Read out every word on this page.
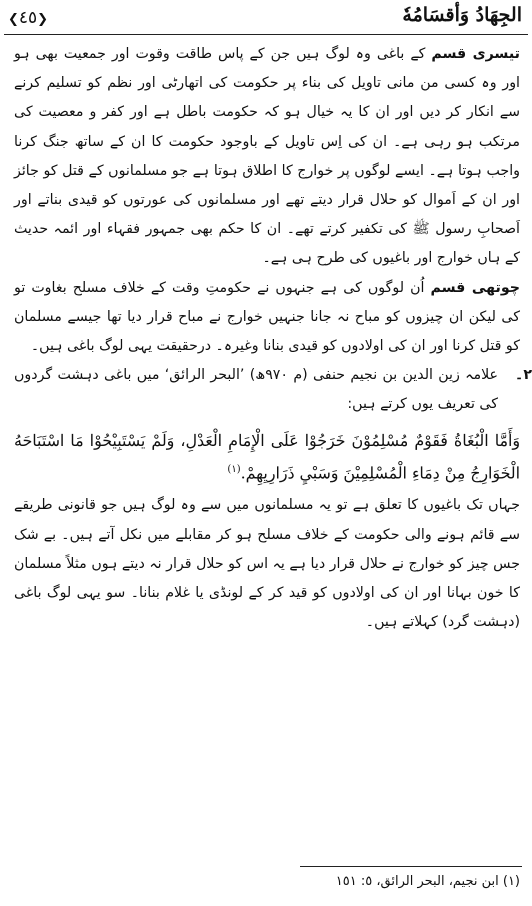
❮٤٥❯	الجِهَادُ وَأقسَامُهٗ

تیسری قسم کے باغی وہ لوگ ہیں جن کے پاس طاقت وقوت اور جمعیت بھی ہو اور وہ کسی من مانی تاویل کی بناء پر حکومت کی اتھارٹی اور نظم کو تسلیم کرنے سے انکار کر دیں اور ان کا یہ خیال ہو کہ حکومت باطل ہے اور کفر و معصیت کی مرتکب ہو رہی ہے۔ ان کی اِس تاویل کے باوجود حکومت کا ان کے ساتھ جنگ کرنا واجب ہوتا ہے۔ ایسے لوگوں پر خوارج کا اطلاق ہوتا ہے جو مسلمانوں کے قتل کو جائز اور ان کے اَموال کو حلال قرار دیتے تھے اور مسلمانوں کی عورتوں کو قیدی بناتے اور اَصحابِ رسول ﷺ کی تکفیر کرتے تھے۔ ان کا حکم بھی جمہور فقہاء اور ائمہ حدیث کے ہاں خوارج اور باغیوں کی طرح ہی ہے۔

چوتھی قسم اُن لوگوں کی ہے جنہوں نے حکومتِ وقت کے خلاف مسلح بغاوت تو کی لیکن ان چیزوں کو مباح نہ جانا جنہیں خوارج نے مباح قرار دیا تھا جیسے مسلمان کو قتل کرنا اور ان کی اولادوں کو قیدی بنانا وغیرہ۔ درحقیقت یہی لوگ باغی ہیں۔

٢۔
علامہ زین الدین بن نجیم حنفی (م ٩٧٠ھ) ’البحر الرائق‘ میں باغی دہشت گردوں کی تعریف یوں کرتے ہیں:

وَأَمَّا الْبُغَاةُ فَقَوْمٌ مُسْلِمُوْنَ خَرَجُوْا عَلَى الْإِمَامِ الْعَدْلِ، وَلَمْ يَسْتَبِيْحُوْا مَا اسْتَبَاحَهُ الْخَوَارِجُ مِنْ دِمَاءِ الْمُسْلِمِيْنَ وَسَبْيِ ذَرَارِيِهِمْ.$^{(١)}$

جہاں تک باغیوں کا تعلق ہے تو یہ مسلمانوں میں سے وہ لوگ ہیں جو قانونی طریقے سے قائم ہونے والی حکومت کے خلاف مسلح ہو کر مقابلے میں نکل آتے ہیں۔ بے شک جس چیز کو خوارج نے حلال قرار دیا ہے یہ اس کو حلال قرار نہ دیتے ہوں مثلاً مسلمان کا خون بہانا اور ان کی اولادوں کو قید کر کے لونڈی یا غلام بنانا۔ سو یہی لوگ باغی (دہشت گرد) کہلاتے ہیں۔

(١) ابن نجيم، البحر الرائق، ٥: ١٥١
